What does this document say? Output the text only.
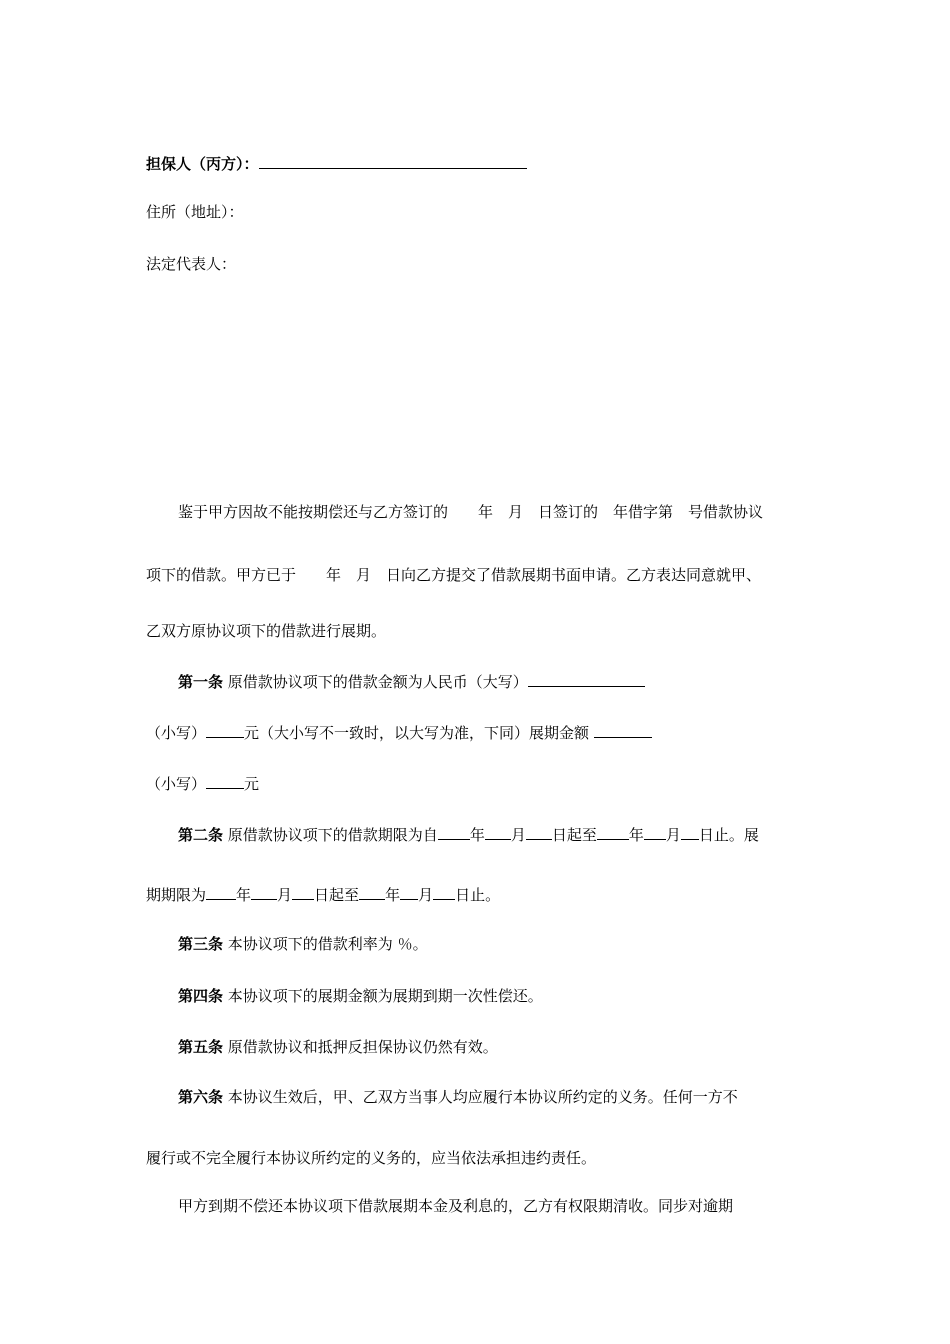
担保人（丙方）：
住所（地址）：
法定代表人：
鉴于甲方因故不能按期偿还与乙方签订的　　年　月　日签订的　年借字第　号借款协议
项下的借款。甲方已于　　年　月　日向乙方提交了借款展期书面申请。乙方表达同意就甲、
乙双方原协议项下的借款进行展期。
第一条 原借款协议项下的借款金额为人民币（大写）
（小写）	元（大小写不一致时，以大写为准，下同）展期金额
（小写）	元
第二条 原借款协议项下的借款期限为自 年 月 日起至 年 月 日止。展
期期限为 年 月 日起至 年 月 日止。
第三条 本协议项下的借款利率为 ％。
第四条 本协议项下的展期金额为展期到期一次性偿还。
第五条 原借款协议和抵押反担保协议仍然有效。
第六条 本协议生效后，甲、乙双方当事人均应履行本协议所约定的义务。任何一方不
履行或不完全履行本协议所约定的义务的，应当依法承担违约责任。
甲方到期不偿还本协议项下借款展期本金及利息的，乙方有权限期清收。同步对逾期
